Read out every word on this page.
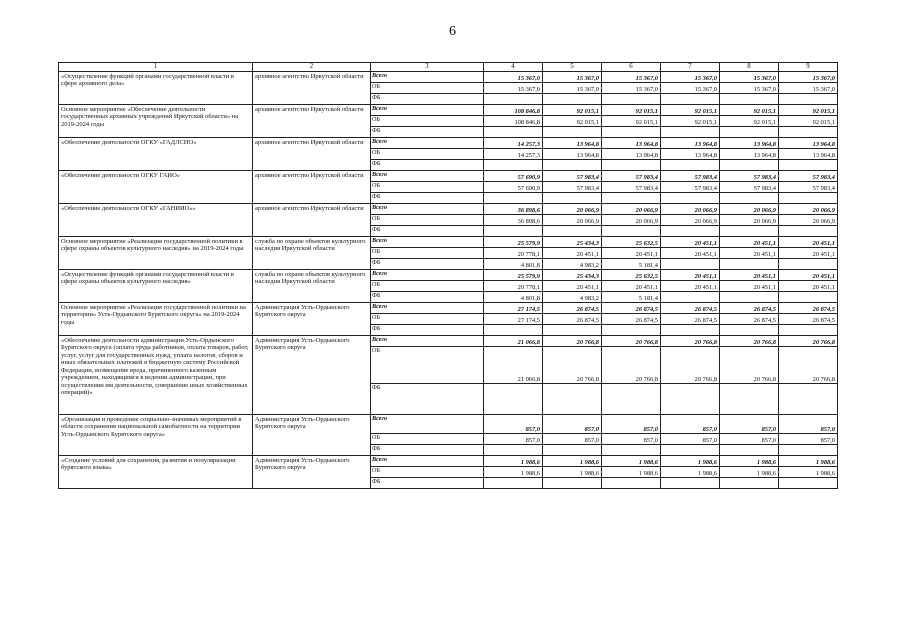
6
1	2	3	4	5	6	7	8	9
«Осуществление функций органами государственной власти в сфере архивного дела»	архивное агентство Иркутской области	Всего	15 367,0	15 367,0	15 367,0	15 367,0	15 367,0	15 367,0
		ОБ	15 367,0	15 367,0	15 367,0	15 367,0	15 367,0	15 367,0
		ФБ						
Основное мероприятие «Обеспечение деятельности государственных архивных учреждений Иркутской области» на 2019-2024 годы	архивное агентство Иркутской области	Всего	108 846,8	92 015,1	92 015,1	92 015,1	92 015,1	92 015,1
		ОБ	108 846,8	92 015,1	92 015,1	92 015,1	92 015,1	92 015,1
		ФБ						
«Обеспечение деятельности ОГКУ «ГАДЛСИО»	архивное агентство Иркутской области	Всего	14 257,3	13 964,8	13 964,8	13 964,8	13 964,8	13 964,8
		ОБ	14 257,3	13 964,8	13 964,8	13 964,8	13 964,8	13 964,8
		ФБ						
«Обеспечение деятельности ОГКУ ГАИО»	архивное агентство Иркутской области	Всего	57 690,9	57 983,4	57 983,4	57 983,4	57 983,4	57 983,4
		ОБ	57 690,9	57 983,4	57 983,4	57 983,4	57 983,4	57 983,4
		ФБ						
«Обеспечение деятельности ОГКУ «ГАНИИО»»	архивное агентство Иркутской области	Всего	36 898,6	20 066,9	20 066,9	20 066,9	20 066,9	20 066,9
		ОБ	36 898,6	20 066,9	20 066,9	20 066,9	20 066,9	20 066,9
		ФБ						
Основное мероприятие «Реализация государственной политики в сфере охраны объектов культурного наследия» на 2019-2024 годы	служба по охране объектов культурного наследия Иркутской области	Всего	25 579,9	25 434,3	25 632,5	20 451,1	20 451,1	20 451,1
		ОБ	20 778,1	20 451,1	20 451,1	20 451,1	20 451,1	20 451,1
		ФБ	4 801,8	4 983,2	5 181,4			
«Осуществление функций органами государственной власти в сфере охраны объектов культурного наследия»	служба по охране объектов культурного наследия Иркутской области	Всего	25 579,9	25 434,3	25 632,5	20 451,1	20 451,1	20 451,1
		ОБ	20 778,1	20 451,1	20 451,1	20 451,1	20 451,1	20 451,1
		ФБ	4 801,8	4 983,2	5 181,4			
Основное мероприятие «Реализация государственной политики на территории» Усть-Ордынского Бурятского округа» на 2019-2024 годы	Администрация Усть-Ордынского Бурятского округа	Всего	27 174,5	26 874,5	26 874,5	26 874,5	26 874,5	26 874,5
		ОБ	27 174,5	26 874,5	26 874,5	26 874,5	26 874,5	26 874,5
		ФБ						
«Обеспечение деятельности администрации Усть-Ордынского Бурятского округа (оплата труда работников, оплата товаров, работ, услуг, услуг для государственных нужд, уплата налогов, сборов и иных обязательных платежей в бюджетную систему Российской Федерации, возмещение вреда, причиненного казенным учреждением, находящимся в ведении администрации, при осуществлении им деятельности, совершение иных хозяйственных операций)»	Администрация Усть-Ордынского Бурятского округа	Всего	21 066,8	20 766,8	20 766,8	20 766,8	20 766,8	20 766,8
		ОБ	21 066,8	20 766,8	20 766,8	20 766,8	20 766,8	20 766,8
		ФБ						
«Организация и проведение социально-значимых мероприятий в области сохранения национальной самобытности на территории Усть-Ордынского Бурятского округа»	Администрация Усть-Ордынского Бурятского округа	Всего	857,0	857,0	857,0	857,0	857,0	857,0
		ОБ	857,0	857,0	857,0	857,0	857,0	857,0
		ФБ						
«Создание условий для сохранения, развития и популяризации бурятского языка»	Администрация Усть-Ордынского Бурятского округа	Всего	1 988,6	1 988,6	1 988,6	1 988,6	1 988,6	1 988,6
		ОБ	1 988,6	1 988,6	1 988,6	1 988,6	1 988,6	1 988,6
		ФБ						
